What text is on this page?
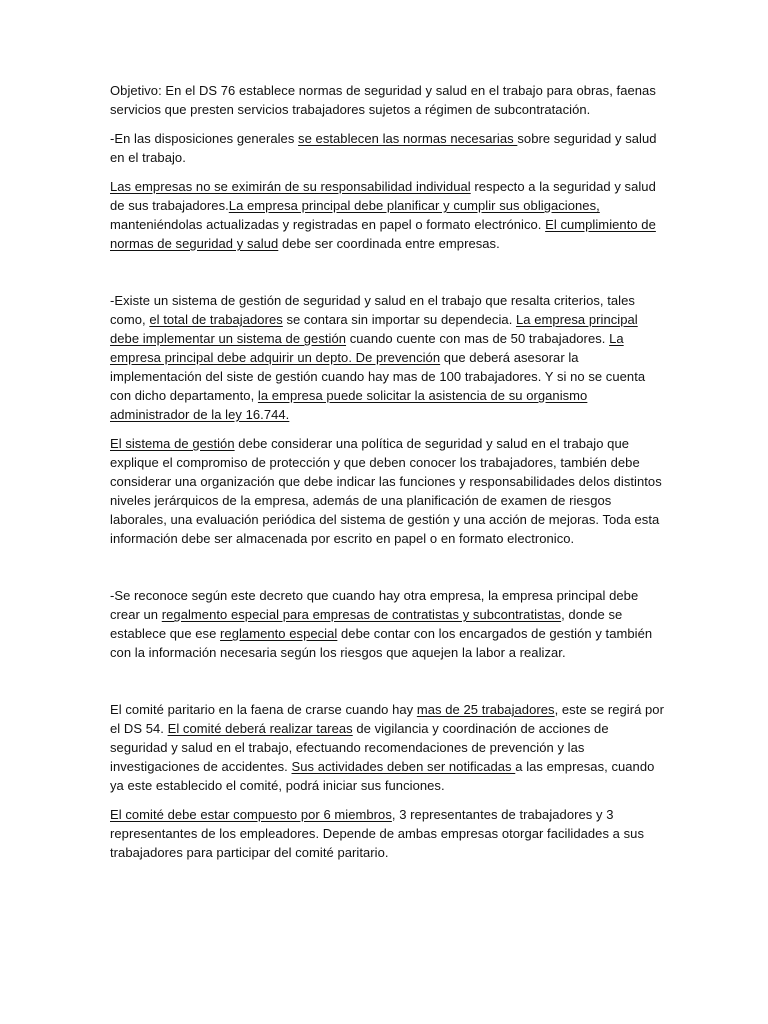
Objetivo: En el DS 76 establece normas de seguridad y salud en el trabajo para obras, faenas servicios que presten servicios trabajadores sujetos a régimen de subcontratación.

-En las disposiciones generales se establecen las normas necesarias sobre seguridad y salud en el trabajo.

Las empresas no se eximirán de su responsabilidad individual respecto a la seguridad y salud de sus trabajadores.La empresa principal debe planificar y cumplir sus obligaciones, manteniéndolas actualizadas y registradas en papel o formato electrónico. El cumplimiento de normas de seguridad y salud debe ser coordinada entre empresas.

-Existe un sistema de gestión de seguridad y salud en el trabajo que resalta criterios, tales como, el total de trabajadores se contara sin importar su dependecia. La empresa principal debe implementar un sistema de gestión cuando cuente con mas de 50 trabajadores. La empresa principal debe adquirir un depto. De prevención que deberá asesorar la implementación del siste de gestión cuando hay mas de 100 trabajadores. Y si no se cuenta con dicho departamento, la empresa puede solicitar la asistencia de su organismo administrador de la ley 16.744.

El sistema de gestión debe considerar una política de seguridad y salud en el trabajo que explique el compromiso de protección y que deben conocer los trabajadores, también debe considerar una organización que debe indicar las funciones y responsabilidades delos distintos niveles jerárquicos de la empresa, además de una planificación de examen de riesgos laborales, una evaluación periódica del sistema de gestión y una acción de mejoras. Toda esta información debe ser almacenada por escrito en papel o en formato electronico.

-Se reconoce según este decreto que cuando hay otra empresa, la empresa principal debe crear un regalmento especial para empresas de contratistas y subcontratistas, donde se establece que ese reglamento especial debe contar con los encargados de gestión y también con la información necesaria según los riesgos que aquejen la labor a realizar.

El comité paritario en la faena de crarse cuando hay mas de 25 trabajadores, este se regirá por el DS 54. El comité deberá realizar tareas de vigilancia y coordinación de acciones de seguridad y salud en el trabajo, efectuando recomendaciones de prevención y las investigaciones de accidentes. Sus actividades deben ser notificadas a las empresas, cuando ya este establecido el comité, podrá iniciar sus funciones.

El comité debe estar compuesto por 6 miembros, 3 representantes de trabajadores y 3 representantes de los empleadores. Depende de ambas empresas otorgar facilidades a sus trabajadores para participar del comité paritario.
